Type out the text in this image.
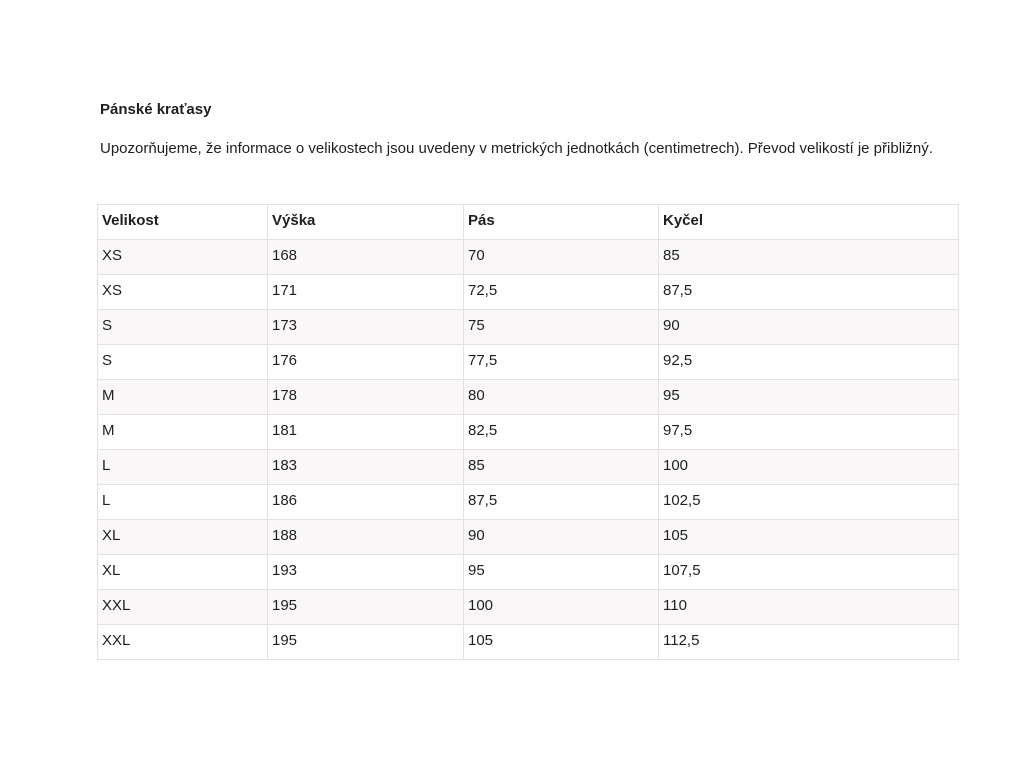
Pánské kraťasy

Upozorňujeme, že informace o velikostech jsou uvedeny v metrických jednotkách (centimetrech). Převod velikostí je přibližný.

Velikost	Výška	Pás	Kyčel
XS	168	70	85
XS	171	72,5	87,5
S	173	75	90
S	176	77,5	92,5
M	178	80	95
M	181	82,5	97,5
L	183	85	100
L	186	87,5	102,5
XL	188	90	105
XL	193	95	107,5
XXL	195	100	110
XXL	195	105	112,5
